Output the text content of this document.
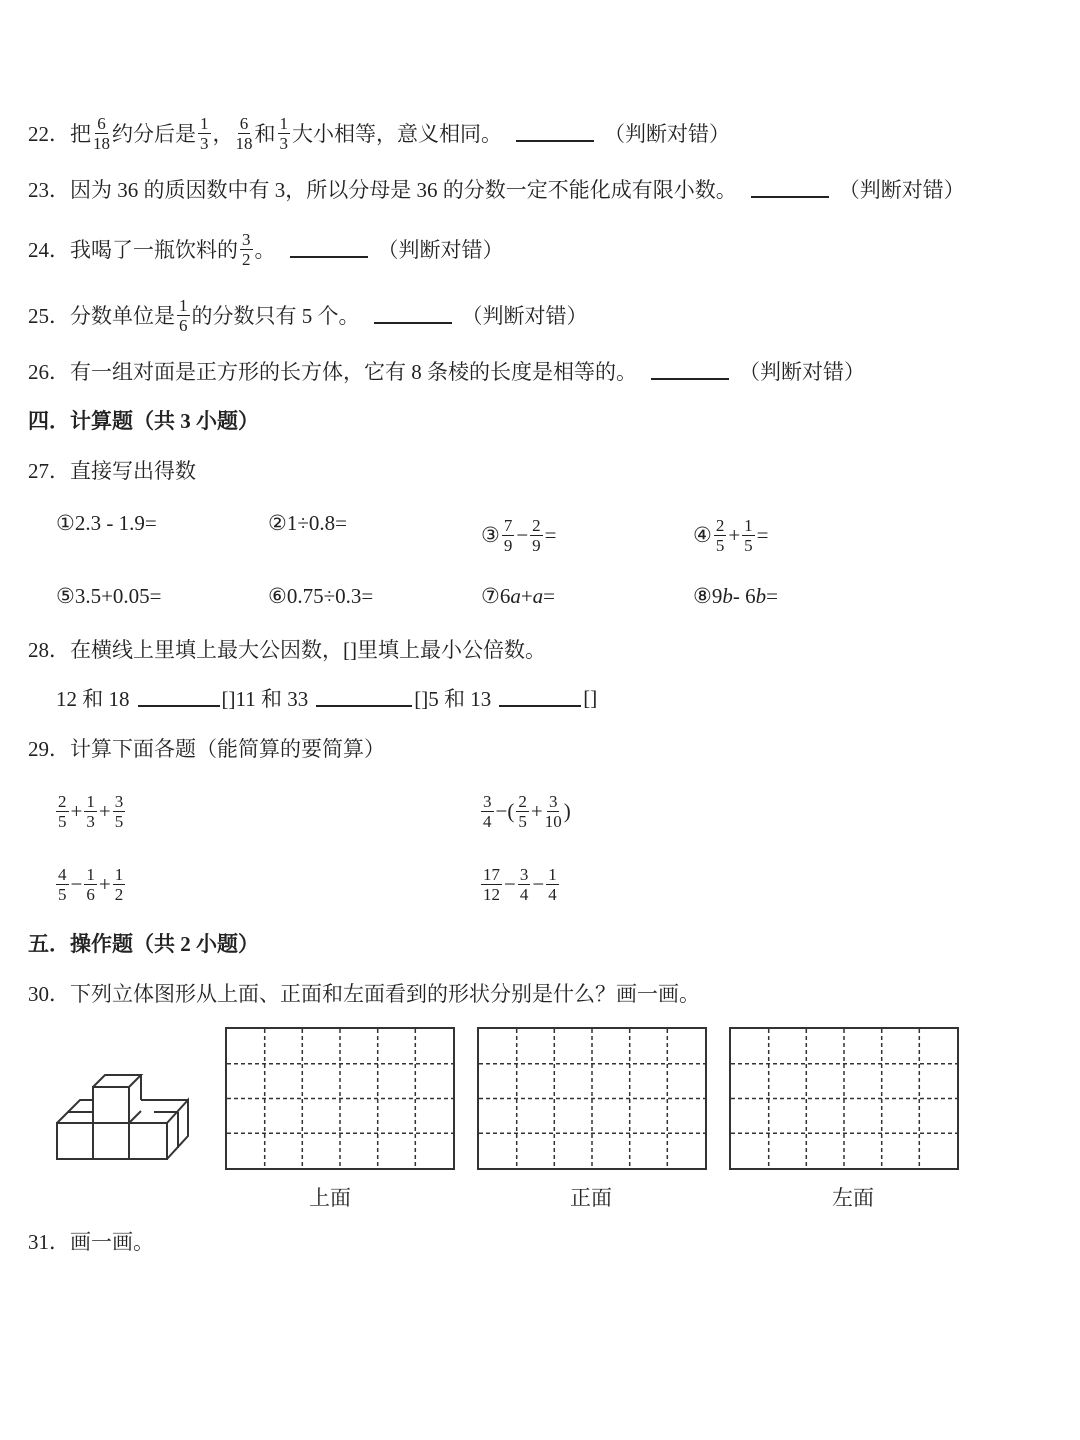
22．把 $\frac{6}{18}$ 约分后是 $\frac{1}{3}$ ， $\frac{6}{18}$ 和 $\frac{1}{3}$ 大小相等，意义相同。	（判断对错）
23．因为 36 的质因数中有 3，所以分母是 36 的分数一定不能化成有限小数。	（判断对错）
24．我喝了一瓶饮料的 $\frac{3}{2}$ 。	（判断对错）
25．分数单位是 $\frac{1}{6}$ 的分数只有 5 个。	（判断对错）
26．有一组对面是正方形的长方体，它有 8 条棱的长度是相等的。	（判断对错）
四．计算题（共 3 小题）
27．直接写出得数
①2.3 - 1.9=	②1÷0.8=	③ $\frac{7}{9} - \frac{2}{9}$ =	④ $\frac{2}{5} + \frac{1}{5}$ =
⑤3.5+0.05=	⑥0.75÷0.3=	⑦6 a + a =	⑧9 b - 6 b =
28．在横线上里填上最大公因数，[]里填上最小公倍数。
12 和 18	[]11 和 33	[]5 和 13	[]
29．计算下面各题（能简算的要简算）
$\frac{2}{5} + \frac{1}{3} + \frac{3}{5}$	$\frac{3}{4}$ −( $\frac{2}{5} + \frac{3}{10}$ )
$\frac{4}{5} - \frac{1}{6} + \frac{1}{2}$	$\frac{17}{12} - \frac{3}{4} - \frac{1}{4}$
五．操作题（共 2 小题）
30．下列立体图形从上面、正面和左面看到的形状分别是什么？画一画。
上面	正面	左面
31．画一画。
